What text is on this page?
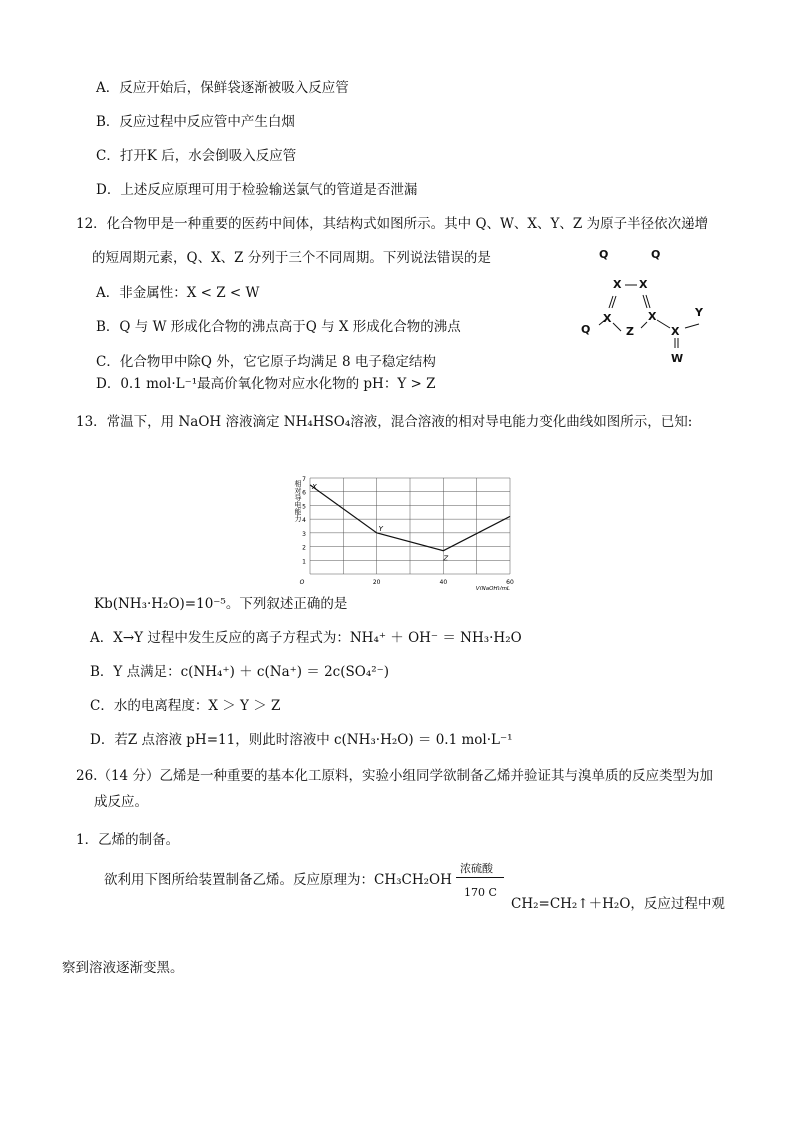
A．反应开始后，保鲜袋逐渐被吸入反应管
B．反应过程中反应管中产生白烟
C．打开K 后，水会倒吸入反应管
D．上述反应原理可用于检验输送氯气的管道是否泄漏
12．化合物甲是一种重要的医药中间体，其结构式如图所示。其中 Q、W、X、Y、Z 为原子半径依次递增
的短周期元素，Q、X、Z 分列于三个不同周期。下列说法错误的是
A．非金属性：X < Z < W
B．Q 与 W 形成化合物的沸点高于Q 与 X 形成化合物的沸点
C．化合物甲中除Q 外，它它原子均满足 8 电子稳定结构
D．0.1 mol·L⁻¹最高价氧化物对应水化物的 pH：Y > Z
Q	Q
X X
X	X	Y
Q	Z	X
W
13．常温下，用 NaOH 溶液滴定 NH₄HSO₄溶液，混合溶液的相对导电能力变化曲线如图所示，已知:
1
2
3
4
5
6
7
O	20	40	60
V(NaOH)/mL
相对导电能力 X
Y
Z
Kb(NH₃·H₂O)=10⁻⁵。下列叙述正确的是
A．X→Y 过程中发生反应的离子方程式为：NH₄⁺ ＋ OH⁻ ＝ NH₃·H₂O
B．Y 点满足：c(NH₄⁺) ＋ c(Na⁺) ＝ 2c(SO₄²⁻)
C．水的电离程度：X ＞ Y ＞ Z
D．若Z 点溶液 pH=11，则此时溶液中 c(NH₃·H₂O) ＝ 0.1 mol·L⁻¹
26.（14 分）乙烯是一种重要的基本化工原料，实验小组同学欲制备乙烯并验证其与溴单质的反应类型为加
成反应。
1．乙烯的制备。
欲利用下图所给装置制备乙烯。反应原理为：CH₃CH₂OH
浓硫酸
170 C
CH₂=CH₂↑＋H₂O，反应过程中观
察到溶液逐渐变黑。
